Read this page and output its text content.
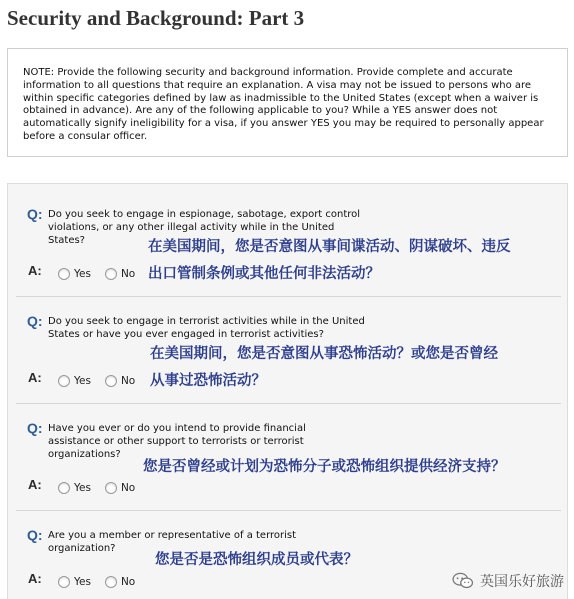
Security and Background: Part 3

NOTE: Provide the following security and background information. Provide complete and accurate information to all questions that require an explanation. A visa may not be issued to persons who are within specific categories defined by law as inadmissible to the United States (except when a waiver is obtained in advance). Are any of the following applicable to you? While a YES answer does not automatically signify ineligibility for a visa, if you answer YES you may be required to personally appear before a consular officer.

Q: Do you seek to engage in espionage, sabotage, export control violations, or any other illegal activity while in the United States?	在美国期间，您是否意图从事间谍活动、阴谋破坏、违反
出口管制条例或其他任何非法活动？
A:	Yes	No
Q: Do you seek to engage in terrorist activities while in the United States or have you ever engaged in terrorist activities?

在美国期间，您是否意图从事恐怖活动？或您是否曾经
从事过恐怖活动？
A:	Yes	No
Q: Have you ever or do you intend to provide financial assistance or other support to terrorists or terrorist organizations?

您是否曾经或计划为恐怖分子或恐怖组织提供经济支持？
A:	Yes	No
Q: Are you a member or representative of a terrorist organization?

您是否是恐怖组织成员或代表？
A:	Yes	No	英国乐好旅游
